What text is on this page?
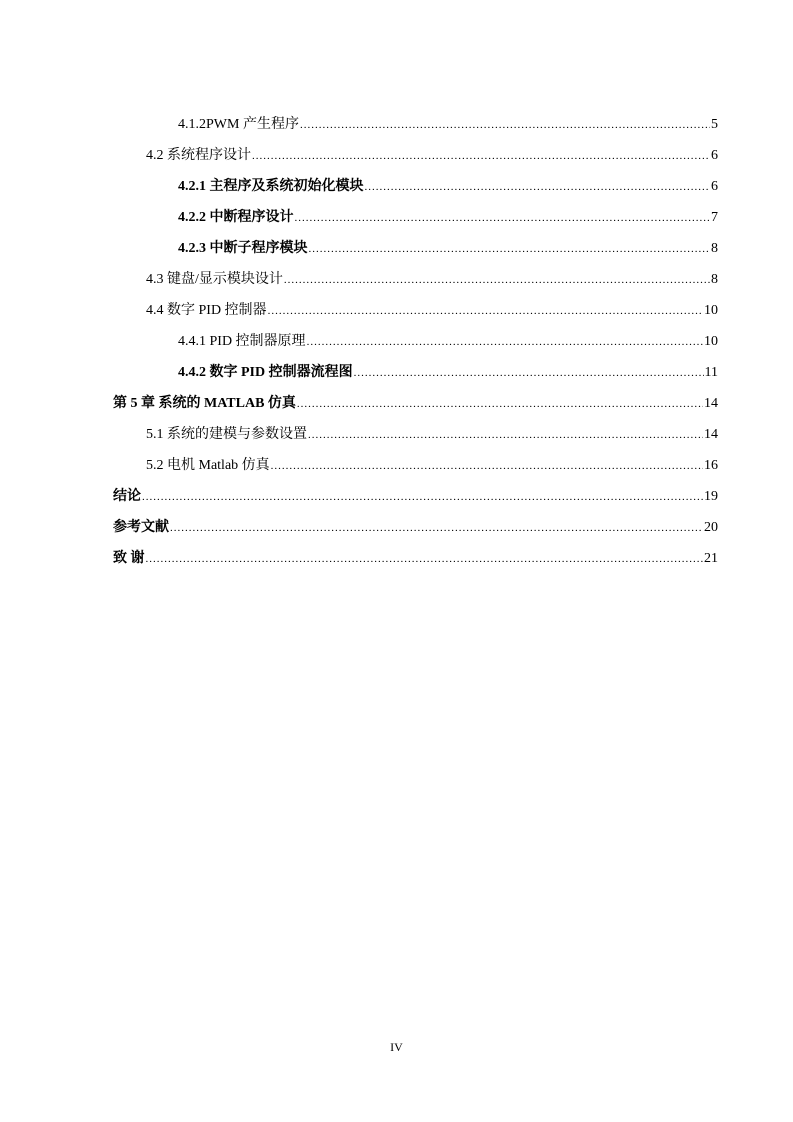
4.1.2PWM 产生程序 .....	5
4.2 系统程序设计 .....	6
4.2.1 主程序及系统初始化模块 .....	6
4.2.2 中断程序设计 .....	7
4.2.3 中断子程序模块 .....	8
4.3 键盘/显示模块设计 .....	8
4.4 数字 PID 控制器 .....	10
4.4.1 PID 控制器原理 .....	10
4.4.2 数字 PID 控制器流程图 .....	11
第 5 章 系统的 MATLAB 仿真 .....	14
5.1 系统的建模与参数设置 .....	14
5.2 电机 Matlab 仿真 .....	16
结论 .....	19
参考文献 .....	20
致 谢 .....	21
IV
